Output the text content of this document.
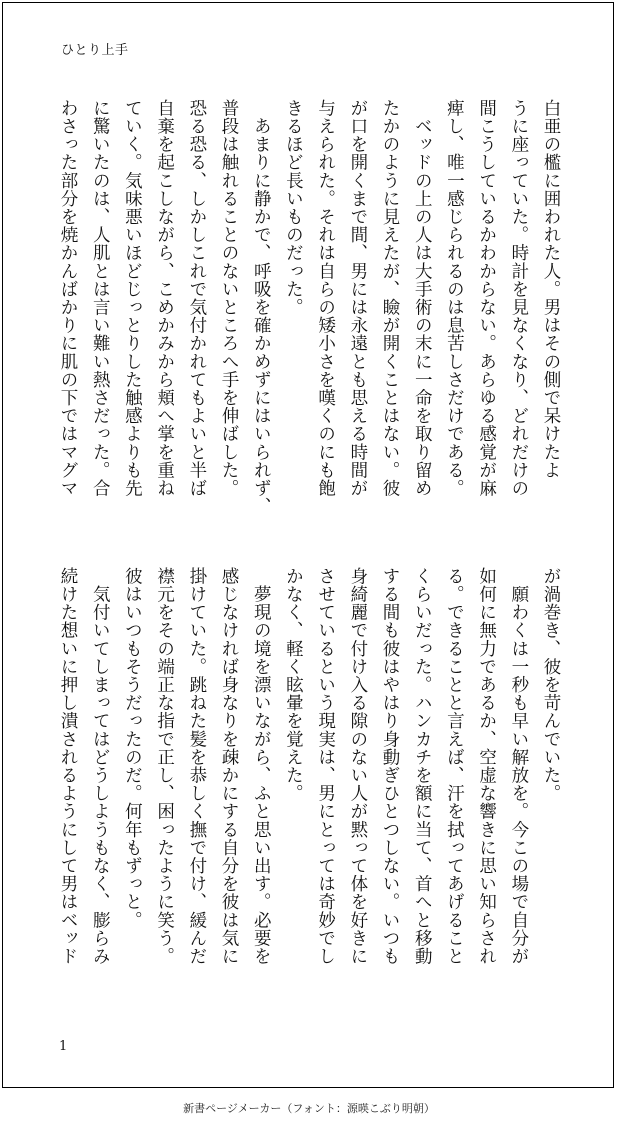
ひとり上手
白亜の檻に囲われた人。男はその側で呆けたよ
うに座っていた。時計を見なくなり、どれだけの
間こうしているかわからない。あらゆる感覚が麻
痺し、唯一感じられるのは息苦しさだけである。
　ベッドの上の人は大手術の末に一命を取り留め
たかのように見えたが、瞼が開くことはない。彼
が口を開くまで間、男には永遠とも思える時間が
与えられた。それは自らの矮小さを嘆くのにも飽
きるほど長いものだった。
　あまりに静かで、呼吸を確かめずにはいられず、
普段は触れることのないところへ手を伸ばした。
恐る恐る、しかしこれで気付かれてもよいと半ば
自棄を起こしながら、こめかみから頬へ掌を重ね
ていく。気味悪いほどじっとりした触感よりも先
に驚いたのは、人肌とは言い難い熱さだった。合
わさった部分を焼かんばかりに肌の下ではマグマ
が渦巻き、彼を苛んでいた。
　願わくは一秒も早い解放を。今この場で自分が
如何に無力であるか、空虚な響きに思い知らされ
る。できることと言えば、汗を拭ってあげること
くらいだった。ハンカチを額に当て、首へと移動
する間も彼はやはり身動ぎひとつしない。いつも
身綺麗で付け入る隙のない人が黙って体を好きに
させているという現実は、男にとっては奇妙でし
かなく、軽く眩暈を覚えた。
　夢現の境を漂いながら、ふと思い出す。必要を
感じなければ身なりを疎かにする自分を彼は気に
掛けていた。跳ねた髪を恭しく撫で付け、緩んだ
襟元をその端正な指で正し、困ったように笑う。
彼はいつもそうだったのだ。何年もずっと。
　気付いてしまってはどうしようもなく、膨らみ
続けた想いに押し潰されるようにして男はベッド
1
新書ページメーカー（フォント：源暎こぶり明朝）
